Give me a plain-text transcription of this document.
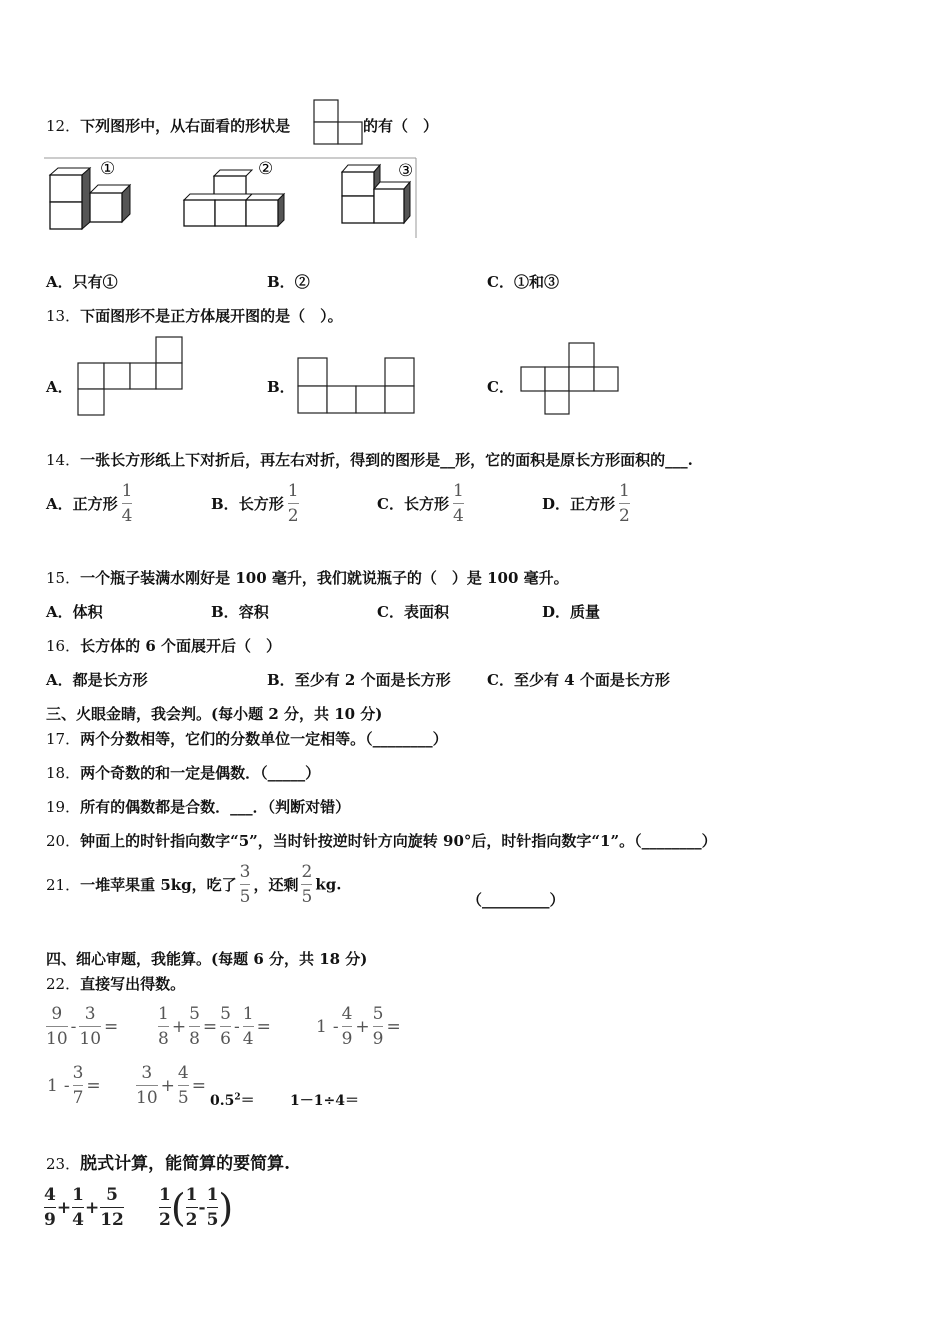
12．下列图形中，从右面看的形状是	的有（　）
①	②	③
A．只有①	B．②	C．①和③
13．下面图形不是正方体展开图的是（　）。
A．	B．	C．
14．一张长方形纸上下对折后，再左右对折，得到的图形是__形，它的面积是原长方形面积的___.
A．正方形 $\frac{1}{4}$	B．长方形 $\frac{1}{2}$	C．长方形 $\frac{1}{4}$	D．正方形 $\frac{1}{2}$
15．一个瓶子装满水刚好是 100 毫升，我们就说瓶子的（　）是 100 毫升。
A．体积	B．容积	C．表面积	D．质量
16．长方体的 6 个面展开后（　）
A．都是长方形	B．至少有 2 个面是长方形 C．至少有 4 个面是长方形
三、火眼金睛，我会判。(每小题 2 分，共 10 分)
17．两个分数相等，它们的分数单位一定相等。（________）
18．两个奇数的和一定是偶数．（_____）
19．所有的偶数都是合数．___．（判断对错）
20．钟面上的时针指向数字“5”，当时针按逆时针方向旋转 90°后，时针指向数字“1”。（________）
21．一堆苹果重 5kg，吃了 $\frac{3}{5}$ ，还剩 $\frac{2}{5}$ kg.
（_________）
四、细心审题，我能算。(每题 6 分，共 18 分)
22．直接写出得数。
$\frac{9}{10} - \frac{3}{10} = \frac{1}{8} + \frac{5}{8} = \frac{5}{6} - \frac{1}{4}$ =	$1 - \frac{4}{9} + \frac{5}{9}$ =
$1 - \frac{3}{7} = \frac{3}{10} + \frac{4}{5}$ =
$0.5^2=$	1－1÷4＝
23．脱式计算，能简算的要简算.
$\frac{4}{9} + \frac{1}{4} + \frac{5}{12} \frac{1}{2}$ ( $\frac{1}{2} - \frac{1}{5}$ )
